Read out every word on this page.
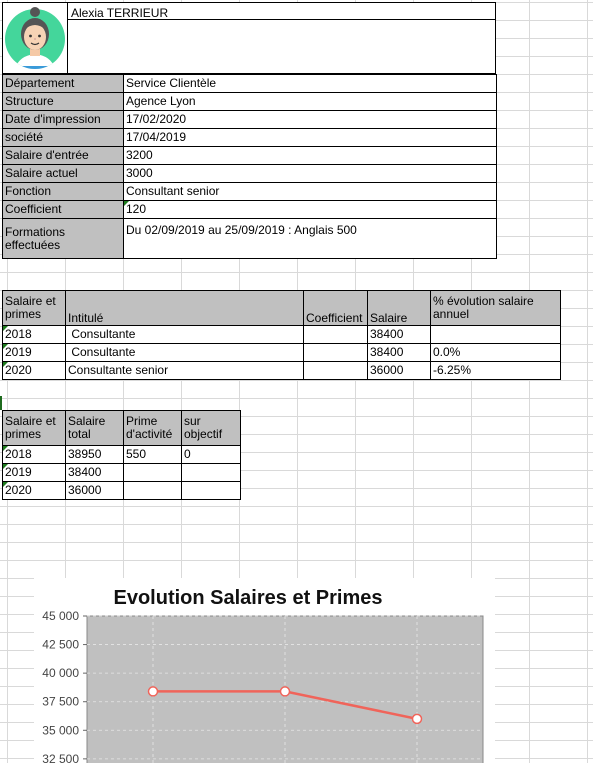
Alexia TERRIEUR
Département	Service Clientèle
Structure	Agence Lyon
Date d'impression	17/02/2020
société	17/04/2019
Salaire d'entrée	3200
Salaire actuel	3000
Fonction	Consultant senior
Coefficient	120
Formations effectuées	Du 02/09/2019 au 25/09/2019 : Anglais 500
Salaire et primes	Intitulé	Coefficient	Salaire	% évolution salaire annuel
2018	Consultante		38400	
2019	Consultante		38400	0.0%
2020	Consultante senior		36000	-6.25%
Salaire et primes	Salaire total	Prime d'activité	sur objectif
2018	38950	550	0
2019	38400		
2020	36000		
Evolution Salaires et Primes
45 000
42 500
40 000
37 500
35 000
32 500
